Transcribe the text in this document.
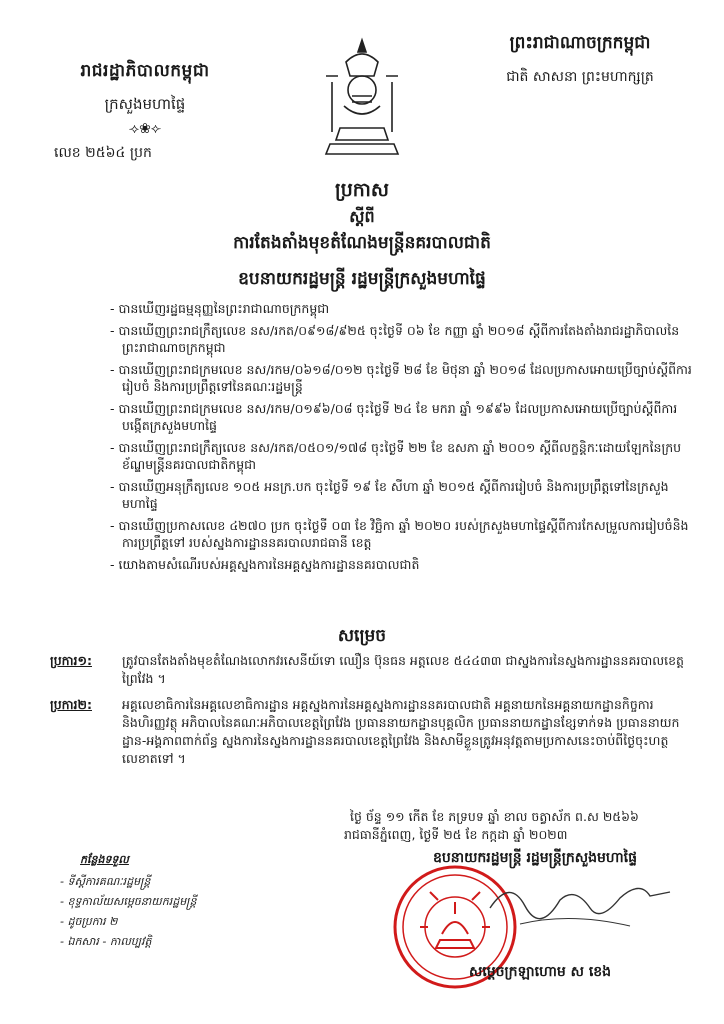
រាជរដ្ឋាភិបាលកម្ពុជា
ក្រសួងមហាផ្ទៃ
⟢❀⟣
លេខ ២៥៦៤ ប្រក
ព្រះរាជាណាចក្រកម្ពុជា
ជាតិ សាសនា ព្រះមហាក្សត្រ
ប្រកាស
ស្តីពី
ការតែងតាំងមុខតំណែងមន្ត្រីនគរបាលជាតិ
ឧបនាយករដ្ឋមន្ត្រី រដ្ឋមន្ត្រីក្រសួងមហាផ្ទៃ
- បានឃើញរដ្ឋធម្មនុញ្ញនៃព្រះរាជាណាចក្រកម្ពុជា
- បានឃើញព្រះរាជក្រឹត្យលេខ នស/រកត/០៩១៨/៩២៥ ចុះថ្ងៃទី ០៦ ខែ កញ្ញា ឆ្នាំ ២០១៨ ស្តីពីការតែងតាំងរាជរដ្ឋាភិបាលនៃព្រះរាជាណាចក្រកម្ពុជា
- បានឃើញព្រះរាជក្រមលេខ នស/រកម/០៦១៨/០១២ ចុះថ្ងៃទី ២៨ ខែ មិថុនា ឆ្នាំ ២០១៨ ដែលប្រកាសអោយប្រើច្បាប់ស្តីពីការរៀបចំ និងការប្រព្រឹត្តទៅនៃគណៈរដ្ឋមន្ត្រី
- បានឃើញព្រះរាជក្រមលេខ នស/រកម/០១៩៦/០៨ ចុះថ្ងៃទី ២៤ ខែ មករា ឆ្នាំ ១៩៩៦ ដែលប្រកាសអោយប្រើច្បាប់ស្តីពីការបង្កើតក្រសួងមហាផ្ទៃ
- បានឃើញព្រះរាជក្រឹត្យលេខ នស/រកត/០៥០១/១៧៨ ចុះថ្ងៃទី ២២ ខែ ឧសភា ឆ្នាំ ២០០១ ស្តីពីលក្ខន្តិកៈដោយឡែកនៃក្របខ័ណ្ឌមន្ត្រីនគរបាលជាតិកម្ពុជា
- បានឃើញអនុក្រឹត្យលេខ ១០៥ អនក្រ.បក ចុះថ្ងៃទី ១៩ ខែ សីហា ឆ្នាំ ២០១៥ ស្តីពីការរៀបចំ និងការប្រព្រឹត្តទៅនៃក្រសួងមហាផ្ទៃ
- បានឃើញប្រកាសលេខ ៤២៧០ ប្រក ចុះថ្ងៃទី ០៣ ខែ វិច្ឆិកា ឆ្នាំ ២០២០ របស់ក្រសួងមហាផ្ទៃស្តីពីការកែសម្រួលការរៀបចំនិងការប្រព្រឹត្តទៅ របស់ស្នងការដ្ឋាននគរបាលរាជធានី ខេត្ត
- យោងតាមសំណើរបស់អគ្គស្នងការនៃអគ្គស្នងការដ្ឋាននគរបាលជាតិ
សម្រេច
ប្រការ១: ត្រូវបានតែងតាំងមុខតំណែងលោកវរសេនីយ៍ទោ ឈឿន ប៊ុនធន អត្តលេខ ៥៤៤៣៣ ជាស្នងការនៃស្នងការដ្ឋាននគរបាលខេត្តព្រៃវែង ។
ប្រការ២: អគ្គលេខាធិការនៃអគ្គលេខាធិការដ្ឋាន អគ្គស្នងការនៃអគ្គស្នងការដ្ឋាននគរបាលជាតិ អគ្គនាយកនៃអគ្គនាយកដ្ឋានកិច្ចការ និងហិរញ្ញវត្ថុ អភិបាលនៃគណៈអភិបាលខេត្តព្រៃវែង ប្រធាននាយកដ្ឋានបុគ្គលិក ប្រធាននាយកដ្ឋានខ្សែទាក់ទង ប្រធាននាយកដ្ឋាន-អង្គភាពពាក់ព័ន្ធ ស្នងការនៃស្នងការដ្ឋាននគរបាលខេត្តព្រៃវែង និងសាមីខ្លួនត្រូវអនុវត្តតាមប្រកាសនេះចាប់ពីថ្ងៃចុះហត្ថលេខាតទៅ ។
ថ្ងៃ ច័ន្ទ ១១ កើត ខែ ភទ្របទ ឆ្នាំ ខាល ចត្វាស័ក ព.ស ២៥៦៦
រាជធានីភ្នំពេញ, ថ្ងៃទី ២៥ ខែ កក្កដា ឆ្នាំ ២០២៣
ឧបនាយករដ្ឋមន្ត្រី រដ្ឋមន្ត្រីក្រសួងមហាផ្ទៃ
កន្លែងទទួល
- ទីស្តីការគណៈរដ្ឋមន្ត្រី
- ខុទ្ទកាល័យសម្តេចនាយករដ្ឋមន្ត្រី
- ដូចប្រការ ២
- ឯកសារ - កាលប្បវត្តិ
សម្តេចក្រឡាហោម ស ខេង
